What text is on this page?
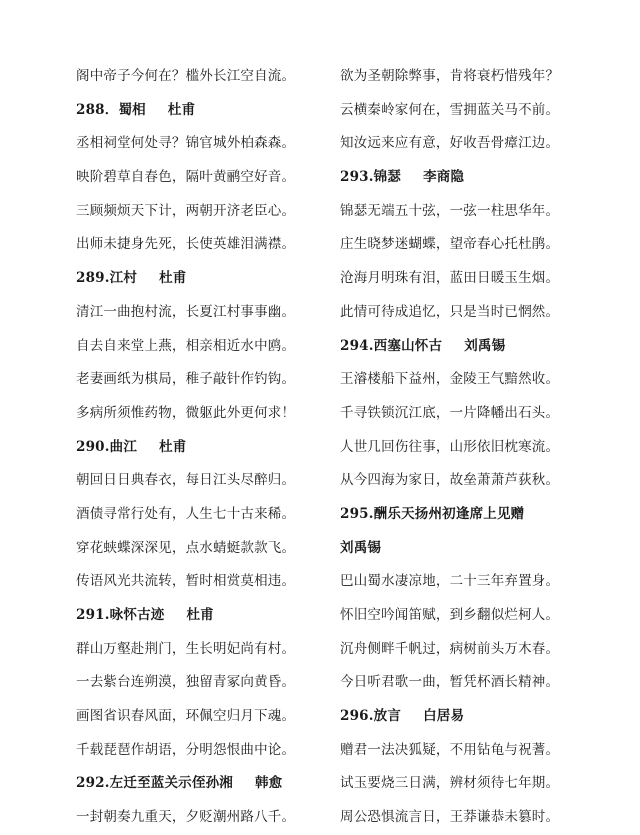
阁中帝子今何在？槛外长江空自流。
288．蜀相 杜甫
丞相祠堂何处寻？锦官城外柏森森。
映阶碧草自春色，隔叶黄鹂空好音。
三顾频烦天下计，两朝开济老臣心。
出师未捷身先死，长使英雄泪满襟。
289.江村 杜甫
清江一曲抱村流，长夏江村事事幽。
自去自来堂上燕，相亲相近水中鸥。
老妻画纸为棋局，稚子敲针作钓钩。
多病所须惟药物，微躯此外更何求！
290.曲江 杜甫
朝回日日典春衣，每日江头尽醉归。
酒债寻常行处有，人生七十古来稀。
穿花蛱蝶深深见，点水蜻蜓款款飞。
传语风光共流转，暂时相赏莫相违。
291.咏怀古迹 杜甫
群山万壑赴荆门，生长明妃尚有村。
一去紫台连朔漠，独留青冢向黄昏。
画图省识春风面，环佩空归月下魂。
千载琵琶作胡语，分明怨恨曲中论。
292.左迁至蓝关示侄孙湘 韩愈
一封朝奏九重天，夕贬潮州路八千。
欲为圣朝除弊事，肯将衰朽惜残年？
云横秦岭家何在，雪拥蓝关马不前。
知汝远来应有意，好收吾骨瘴江边。
293.锦瑟 李商隐
锦瑟无端五十弦，一弦一柱思华年。
庄生晓梦迷蝴蝶，望帝春心托杜鹃。
沧海月明珠有泪，蓝田日暖玉生烟。
此情可待成追忆，只是当时已惘然。
294.西塞山怀古 刘禹锡
王濬楼船下益州，金陵王气黯然收。
千寻铁锁沉江底，一片降幡出石头。
人世几回伤往事，山形依旧枕寒流。
从今四海为家日，故垒萧萧芦荻秋。
295.酬乐天扬州初逢席上见赠
刘禹锡
巴山蜀水凄凉地，二十三年弃置身。
怀旧空吟闻笛赋，到乡翻似烂柯人。
沉舟侧畔千帆过，病树前头万木春。
今日听君歌一曲，暂凭杯酒长精神。
296.放言 白居易
赠君一法决狐疑，不用钻龟与祝蓍。
试玉要烧三日满，辨材须待七年期。
周公恐惧流言日，王莽谦恭未篡时。
